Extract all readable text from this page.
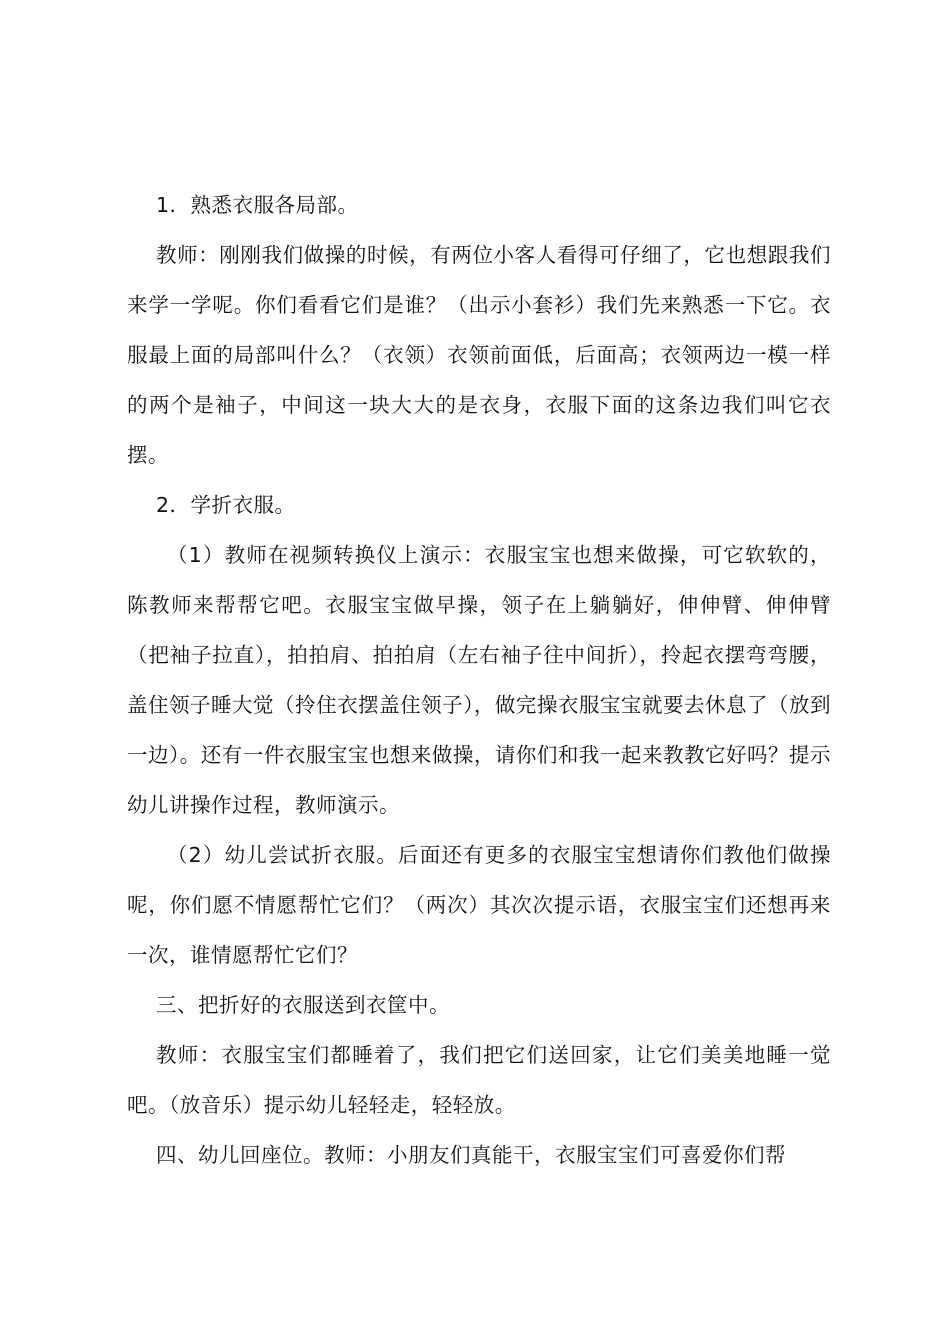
1．熟悉衣服各局部。

教师：刚刚我们做操的时候，有两位小客人看得可仔细了，它也想跟我们来学一学呢。你们看看它们是谁？（出示小套衫）我们先来熟悉一下它。衣服最上面的局部叫什么？（衣领）衣领前面低，后面高；衣领两边一模一样的两个是袖子，中间这一块大大的是衣身，衣服下面的这条边我们叫它衣摆。

2．学折衣服。

（1）教师在视频转换仪上演示：衣服宝宝也想来做操，可它软软的，陈教师来帮帮它吧。衣服宝宝做早操，领子在上躺躺好，伸伸臂、伸伸臂（把袖子拉直），拍拍肩、拍拍肩（左右袖子往中间折），拎起衣摆弯弯腰，盖住领子睡大觉（拎住衣摆盖住领子），做完操衣服宝宝就要去休息了（放到一边）。还有一件衣服宝宝也想来做操，请你们和我一起来教教它好吗？提示幼儿讲操作过程，教师演示。

（2）幼儿尝试折衣服。后面还有更多的衣服宝宝想请你们教他们做操呢，你们愿不情愿帮忙它们？（两次）其次次提示语，衣服宝宝们还想再来一次，谁情愿帮忙它们？

三、把折好的衣服送到衣筐中。

教师：衣服宝宝们都睡着了，我们把它们送回家，让它们美美地睡一觉吧。（放音乐）提示幼儿轻轻走，轻轻放。

四、幼儿回座位。教师：小朋友们真能干，衣服宝宝们可喜爱你们帮
